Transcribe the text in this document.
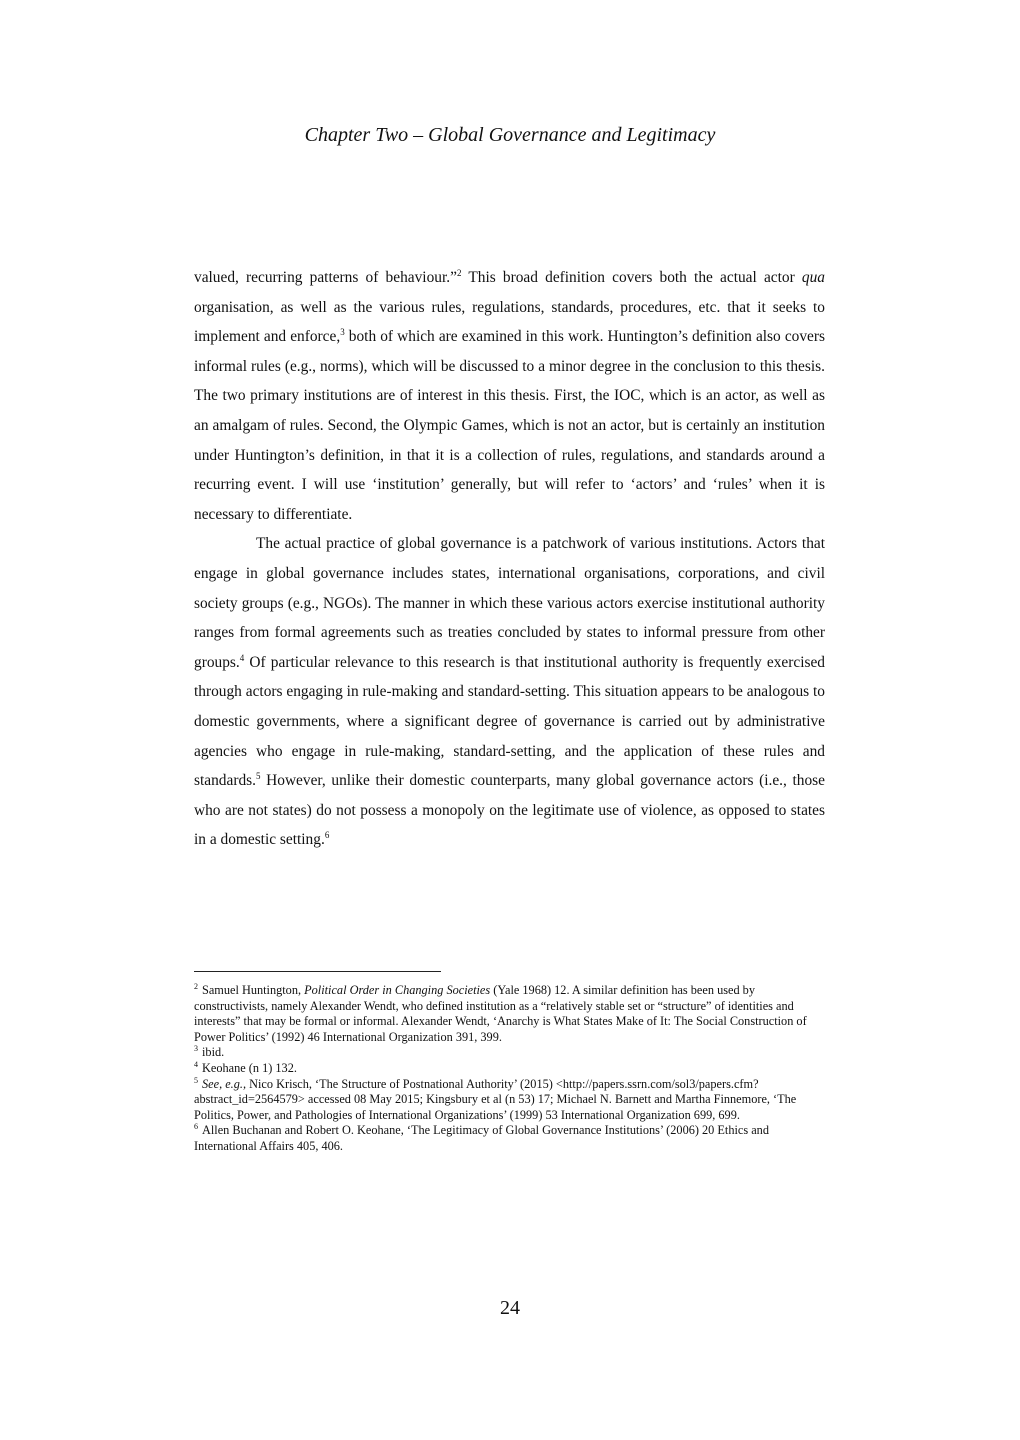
Chapter Two – Global Governance and Legitimacy

valued, recurring patterns of behaviour.”$^2$ This broad definition covers both the actual actor qua organisation, as well as the various rules, regulations, standards, procedures, etc. that it seeks to implement and enforce,$^3$ both of which are examined in this work. Huntington’s definition also covers informal rules (e.g., norms), which will be discussed to a minor degree in the conclusion to this thesis. The two primary institutions are of interest in this thesis. First, the IOC, which is an actor, as well as an amalgam of rules. Second, the Olympic Games, which is not an actor, but is certainly an institution under Huntington’s definition, in that it is a collection of rules, regulations, and standards around a recurring event. I will use ‘institution’ generally, but will refer to ‘actors’ and ‘rules’ when it is necessary to differentiate.

The actual practice of global governance is a patchwork of various institutions. Actors that engage in global governance includes states, international organisations, corporations, and civil society groups (e.g., NGOs). The manner in which these various actors exercise institutional authority ranges from formal agreements such as treaties concluded by states to informal pressure from other groups.$^4$ Of particular relevance to this research is that institutional authority is frequently exercised through actors engaging in rule-making and standard-setting. This situation appears to be analogous to domestic governments, where a significant degree of governance is carried out by administrative agencies who engage in rule-making, standard-setting, and the application of these rules and standards.$^5$ However, unlike their domestic counterparts, many global governance actors (i.e., those who are not states) do not possess a monopoly on the legitimate use of violence, as opposed to states in a domestic setting.$^6$

$^2$ Samuel Huntington, Political Order in Changing Societies (Yale 1968) 12. A similar definition has been used by constructivists, namely Alexander Wendt, who defined institution as a “relatively stable set or “structure” of identities and interests” that may be formal or informal. Alexander Wendt, ‘Anarchy is What States Make of It: The Social Construction of Power Politics’ (1992) 46 International Organization 391, 399.

$^3$ ibid.

$^4$ Keohane (n 1) 132.

$^5$ See, e.g., Nico Krisch, ‘The Structure of Postnational Authority’ (2015) <http://papers.ssrn.com/sol3/papers.cfm?abstract_id=2564579> accessed 08 May 2015; Kingsbury et al (n 53) 17; Michael N. Barnett and Martha Finnemore, ‘The Politics, Power, and Pathologies of International Organizations’ (1999) 53 International Organization 699, 699.

$^6$ Allen Buchanan and Robert O. Keohane, ‘The Legitimacy of Global Governance Institutions’ (2006) 20 Ethics and International Affairs 405, 406.

24
